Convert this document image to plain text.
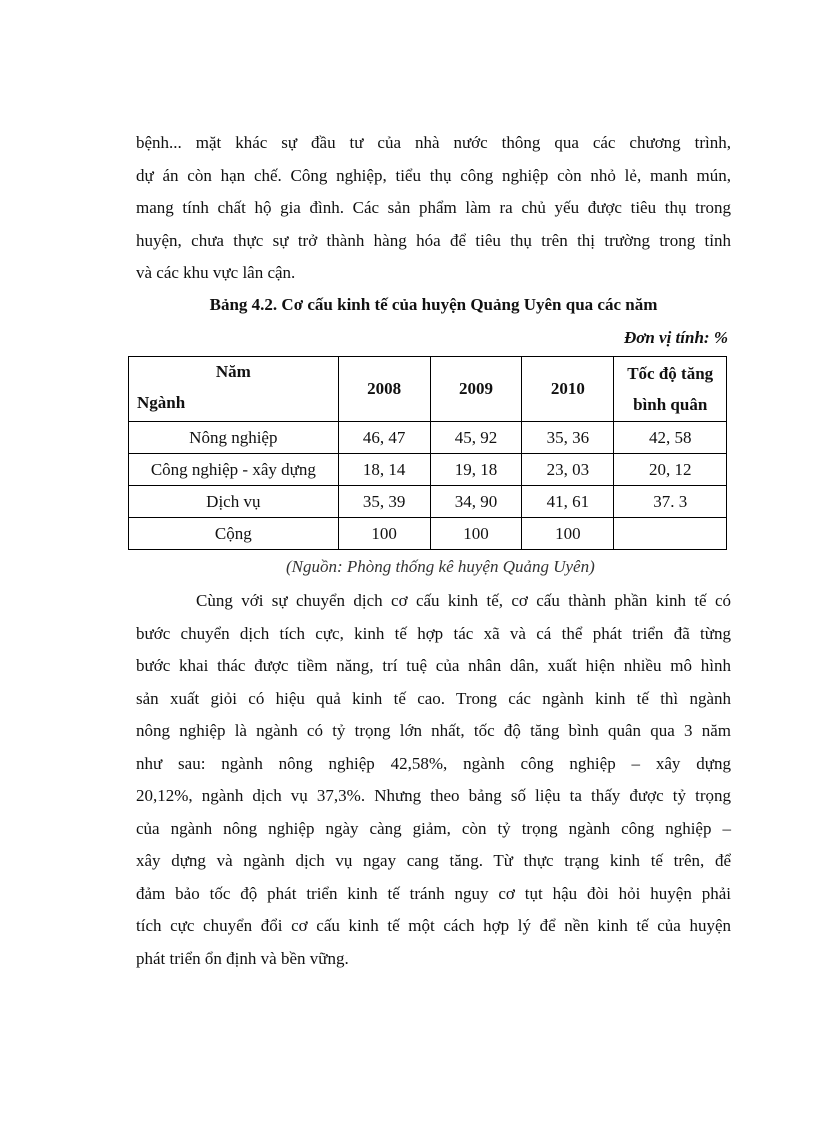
bệnh... mặt khác sự đầu tư của nhà nước thông qua các chương trình,
dự án còn hạn chế. Công nghiệp, tiểu thụ công nghiệp còn nhỏ lẻ, manh mún,
mang tính chất hộ gia đình. Các sản phẩm làm ra chủ yếu được tiêu thụ trong
huyện, chưa thực sự trở thành hàng hóa để tiêu thụ trên thị trường trong tỉnh
và các khu vực lân cận.

Bảng 4.2. Cơ cấu kinh tế của huyện Quảng Uyên qua các năm

Đơn vị tính: %
Năm
Ngành	2008	2009	2010	Tốc độ tăng bình quân
Nông nghiệp	46, 47	45, 92	35, 36	42, 58
Công nghiệp - xây dựng	18, 14	19, 18	23, 03	20, 12
Dịch vụ	35, 39	34, 90	41, 61	37. 3
Cộng	100	100	100	
(Nguồn: Phòng thống kê huyện Quảng Uyên)
Cùng với sự chuyển dịch cơ cấu kinh tế, cơ cấu thành phần kinh tế có
bước chuyển dịch tích cực, kinh tế hợp tác xã và cá thể phát triển đã từng
bước khai thác được tiềm năng, trí tuệ của nhân dân, xuất hiện nhiều mô hình
sản xuất giỏi có hiệu quả kinh tế cao. Trong các ngành kinh tế thì ngành
nông nghiệp là ngành có tỷ trọng lớn nhất, tốc độ tăng bình quân qua 3 năm
như sau: ngành nông nghiệp 42,58%, ngành công nghiệp – xây dựng
20,12%, ngành dịch vụ 37,3%. Nhưng theo bảng số liệu ta thấy được tỷ trọng
của ngành nông nghiệp ngày càng giảm, còn tỷ trọng ngành công nghiệp –
xây dựng và ngành dịch vụ ngay cang tăng. Từ thực trạng kinh tế trên, để
đảm bảo tốc độ phát triển kinh tế tránh nguy cơ tụt hậu đòi hỏi huyện phải
tích cực chuyển đổi cơ cấu kinh tế một cách hợp lý để nền kinh tế của huyện
phát triển ổn định và bền vững.
